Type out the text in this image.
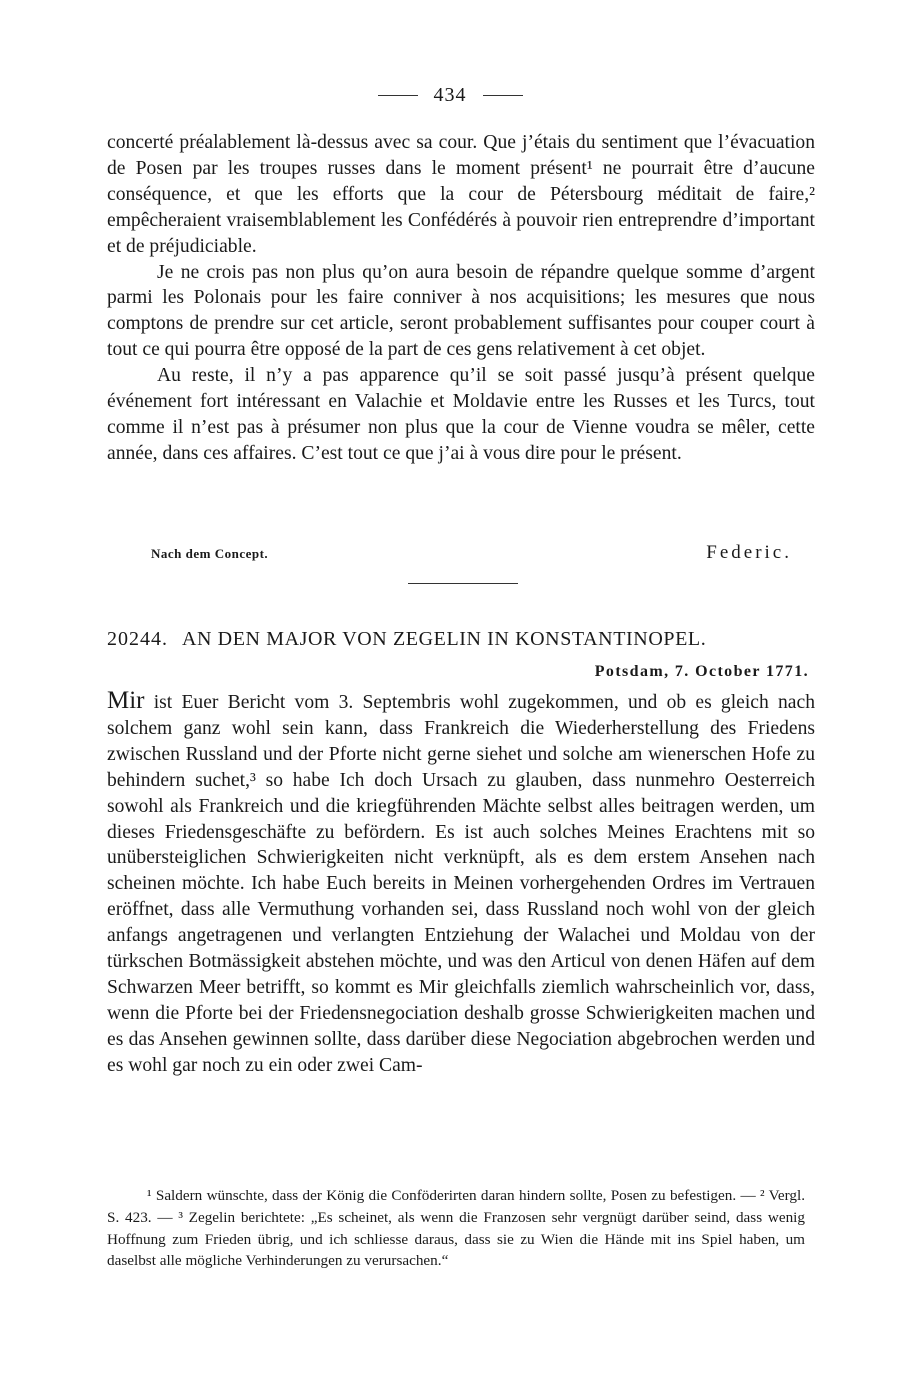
434

concerté préalablement là-dessus avec sa cour. Que j’étais du sentiment que l’évacuation de Posen par les troupes russes dans le moment présent¹ ne pourrait être d’aucune conséquence, et que les efforts que la cour de Pétersbourg méditait de faire,² empêcheraient vraisemblablement les Confédérés à pouvoir rien entreprendre d’important et de préjudiciable.

Je ne crois pas non plus qu’on aura besoin de répandre quelque somme d’argent parmi les Polonais pour les faire conniver à nos acquisitions; les mesures que nous comptons de prendre sur cet article, seront probablement suffisantes pour couper court à tout ce qui pourra être opposé de la part de ces gens relativement à cet objet.

Au reste, il n’y a pas apparence qu’il se soit passé jusqu’à présent quelque événement fort intéressant en Valachie et Moldavie entre les Russes et les Turcs, tout comme il n’est pas à présumer non plus que la cour de Vienne voudra se mêler, cette année, dans ces affaires. C’est tout ce que j’ai à vous dire pour le présent.

Nach dem Concept.	Federic.
20244. AN DEN MAJOR VON ZEGELIN IN KONSTANTINOPEL.
Potsdam, 7. October 1771.

Mir ist Euer Bericht vom 3. Septembris wohl zugekommen, und ob es gleich nach solchem ganz wohl sein kann, dass Frankreich die Wiederherstellung des Friedens zwischen Russland und der Pforte nicht gerne siehet und solche am wienerschen Hofe zu behindern suchet,³ so habe Ich doch Ursach zu glauben, dass nunmehro Oesterreich sowohl als Frankreich und die kriegführenden Mächte selbst alles beitragen werden, um dieses Friedensgeschäfte zu befördern. Es ist auch solches Meines Erachtens mit so unübersteiglichen Schwierigkeiten nicht verknüpft, als es dem erstem Ansehen nach scheinen möchte. Ich habe Euch bereits in Meinen vorhergehenden Ordres im Vertrauen eröffnet, dass alle Vermuthung vorhanden sei, dass Russland noch wohl von der gleich anfangs angetragenen und verlangten Entziehung der Walachei und Moldau von der türkschen Botmässigkeit abstehen möchte, und was den Articul von denen Häfen auf dem Schwarzen Meer betrifft, so kommt es Mir gleichfalls ziemlich wahrscheinlich vor, dass, wenn die Pforte bei der Friedensnegociation deshalb grosse Schwierigkeiten machen und es das Ansehen gewinnen sollte, dass darüber diese Negociation abgebrochen werden und es wohl gar noch zu ein oder zwei Cam-

¹ Saldern wünschte, dass der König die Conföderirten daran hindern sollte, Posen zu befestigen. — ² Vergl. S. 423. — ³ Zegelin berichtete: „Es scheinet, als wenn die Franzosen sehr vergnügt darüber seind, dass wenig Hoffnung zum Frieden übrig, und ich schliesse daraus, dass sie zu Wien die Hände mit ins Spiel haben, um daselbst alle mögliche Verhinderungen zu verursachen.“
